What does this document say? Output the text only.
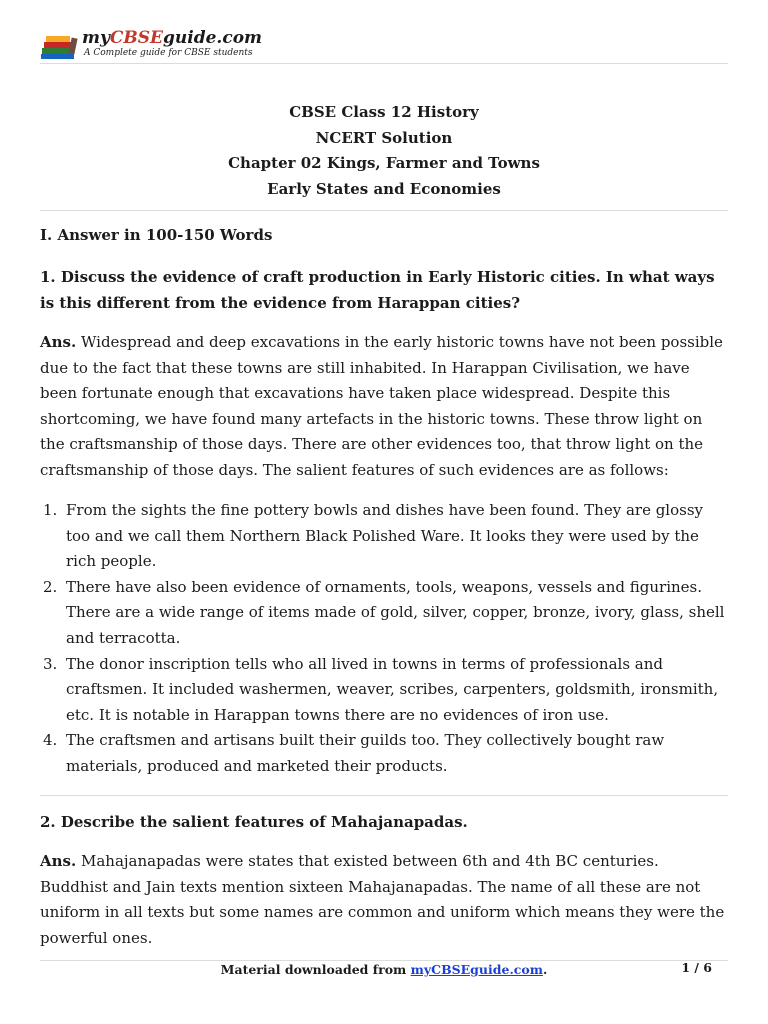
myCBSEguide.com
A Complete guide for CBSE students
CBSE Class 12 History
NCERT Solution
Chapter 02 Kings, Farmer and Towns
Early States and Economies
I. Answer in 100-150 Words
1. Discuss the evidence of craft production in Early Historic cities. In what ways is this different from the evidence from Harappan cities?
Ans. Widespread and deep excavations in the early historic towns have not been possible due to the fact that these towns are still inhabited. In Harappan Civilisation, we have been fortunate enough that excavations have taken place widespread. Despite this shortcoming, we have found many artefacts in the historic towns. These throw light on the craftsmanship of those days. There are other evidences too, that throw light on the craftsmanship of those days. The salient features of such evidences are as follows:
1. From the sights the fine pottery bowls and dishes have been found. They are glossy too and we call them Northern Black Polished Ware. It looks they were used by the rich people.
2. There have also been evidence of ornaments, tools, weapons, vessels and figurines. There are a wide range of items made of gold, silver, copper, bronze, ivory, glass, shell and terracotta.
3. The donor inscription tells who all lived in towns in terms of professionals and craftsmen. It included washermen, weaver, scribes, carpenters, goldsmith, ironsmith, etc. It is notable in Harappan towns there are no evidences of iron use.
4. The craftsmen and artisans built their guilds too. They collectively bought raw materials, produced and marketed their products.
2. Describe the salient features of Mahajanapadas.
Ans. Mahajanapadas were states that existed between 6th and 4th BC centuries. Buddhist and Jain texts mention sixteen Mahajanapadas. The name of all these are not uniform in all texts but some names are common and uniform which means they were the powerful ones.
Material downloaded from myCBSEguide.com.	1 / 6
